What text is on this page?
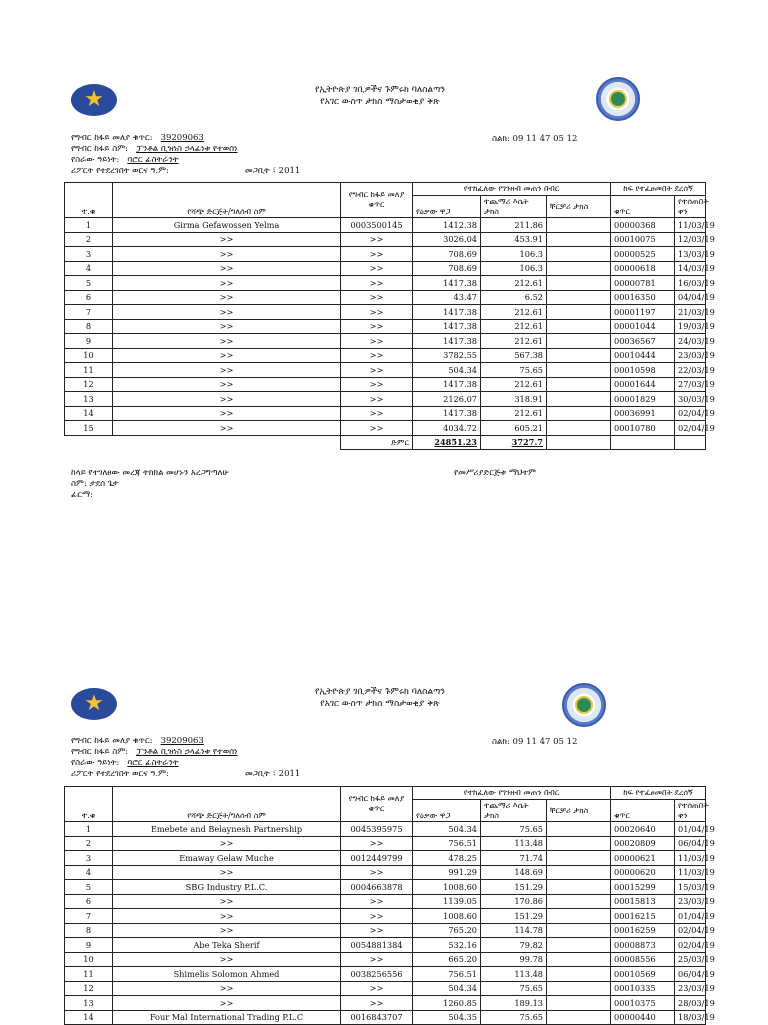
★	የኢትዮጵያ ገቢዎችና ጉምሩክ ባለስልጣን
የአገር ውስጥ ታክስ ማስታወቂያ ቅጽ
የግብር ከፋይ መለያ ቁጥር: 39209063
የግብር ከፋይ ስም: ፓንቶል ቢዝነስ ኃላፊነቱ የተወሰነ
የስራው ዓይነት: ባሮር ፊስትራንት
ሪፖርት የተደረገበት ወርና ዓ.ም:	መጋቢት ፣ 2011
ስልክ: 09 11 47 05 12
ተ.ቁ	የሻጭ ድርጅት/ግለሰብ ስም	የግብር ከፋይ መለያ ቁጥር	የተከፈለው የገንዘብ መጠን በብር			ከፍ የተፈፀመበት ደረሰኝ	
			የዕቃው ዋጋ	ተጨማሪ እሴት ታክስ	ቸርቻሪ ታክስ	ቁጥር	የተሰጠበት ቀን
1	Girma Gefawossen Yelma	0003500145	1412.38	211.86		00000368	11/03/19
2	>>	>>	3026.04	453.91		00010075	12/03/19
3	>>	>>	708.69	106.3		00000525	13/03/19
4	>>	>>	708.69	106.3		00000618	14/03/19
5	>>	>>	1417.38	212.61		00000781	16/03/19
6	>>	>>	43.47	6.52		00016350	04/04/19
7	>>	>>	1417.38	212.61		00001197	21/03/19
8	>>	>>	1417.38	212.61		00001044	19/03/19
9	>>	>>	1417.38	212.61		00036567	24/03/19
10	>>	>>	3782.55	567.38		00010444	23/03/19
11	>>	>>	504.34	75.65		00010598	22/03/19
12	>>	>>	1417.38	212.61		00001644	27/03/19
13	>>	>>	2126.07	318.91		00001829	30/03/19
14	>>	>>	1417.38	212.61		00036991	02/04/19
15	>>	>>	4034.72	605.21		00010780	02/04/19
		ድምር	24851.23	3727.7			
ከላይ የተገለፀው መረጃ ትክክል መሆኑን አረጋግጣለሁ
ስም: ታደሰ ጌታ
ፊርማ:
የመሥሪያድርጅቱ ማህተም
★	የኢትዮጵያ ገቢዎችና ጉምሩክ ባለስልጣን
የአገር ውስጥ ታክስ ማስታወቂያ ቅጽ
የግብር ከፋይ መለያ ቁጥር: 39209063
የግብር ከፋይ ስም: ፓንቶል ቢዝነስ ኃላፊነቱ የተወሰነ
የስራው ዓይነት: ባሮር ፊስትራንት
ሪፖርት የተደረገበት ወርና ዓ.ም:	መጋቢት ፣ 2011
ስልክ: 09 11 47 05 12
ተ.ቁ	የሻጭ ድርጅት/ግለሰብ ስም	የግብር ከፋይ መለያ ቁጥር	የተከፈለው የገንዘብ መጠን በብር			ከፍ የተፈፀመበት ደረሰኝ	
			የዕቃው ዋጋ	ተጨማሪ እሴት ታክስ	ቸርቻሪ ታክስ	ቁጥር	የተሰጠበት ቀን
1	Emebete and Belaynesh Partnership	0045395975	504.34	75.65		00020640	01/04/19
2	>>	>>	756.51	113.48		00020809	06/04/19
3	Emaway Gelaw Muche	0012449799	478.25	71.74		00000621	11/03/19
4	>>	>>	991.29	148.69		00000620	11/03/19
5	SBG Industry P.L.C.	0004663878	1008.60	151.29		00015299	15/03/19
6	>>	>>	1139.05	170.86		00015813	23/03/19
7	>>	>>	1008.60	151.29		00016215	01/04/19
8	>>	>>	765.20	114.78		00016259	02/04/19
9	Abe Teka Sherif	0054881384	532.16	79.82		00008873	02/04/19
10	>>	>>	665.20	99.78		00008556	25/03/19
11	Shimelis Solomon Ahmed	0038256556	756.51	113.48		00010569	06/04/19
12	>>	>>	504.34	75.65		00010335	23/03/19
13	>>	>>	1260.85	189.13		00010375	28/03/19
14	Four Mal International Trading P.L.C	0016843707	504.35	75.65		00000440	18/03/19
